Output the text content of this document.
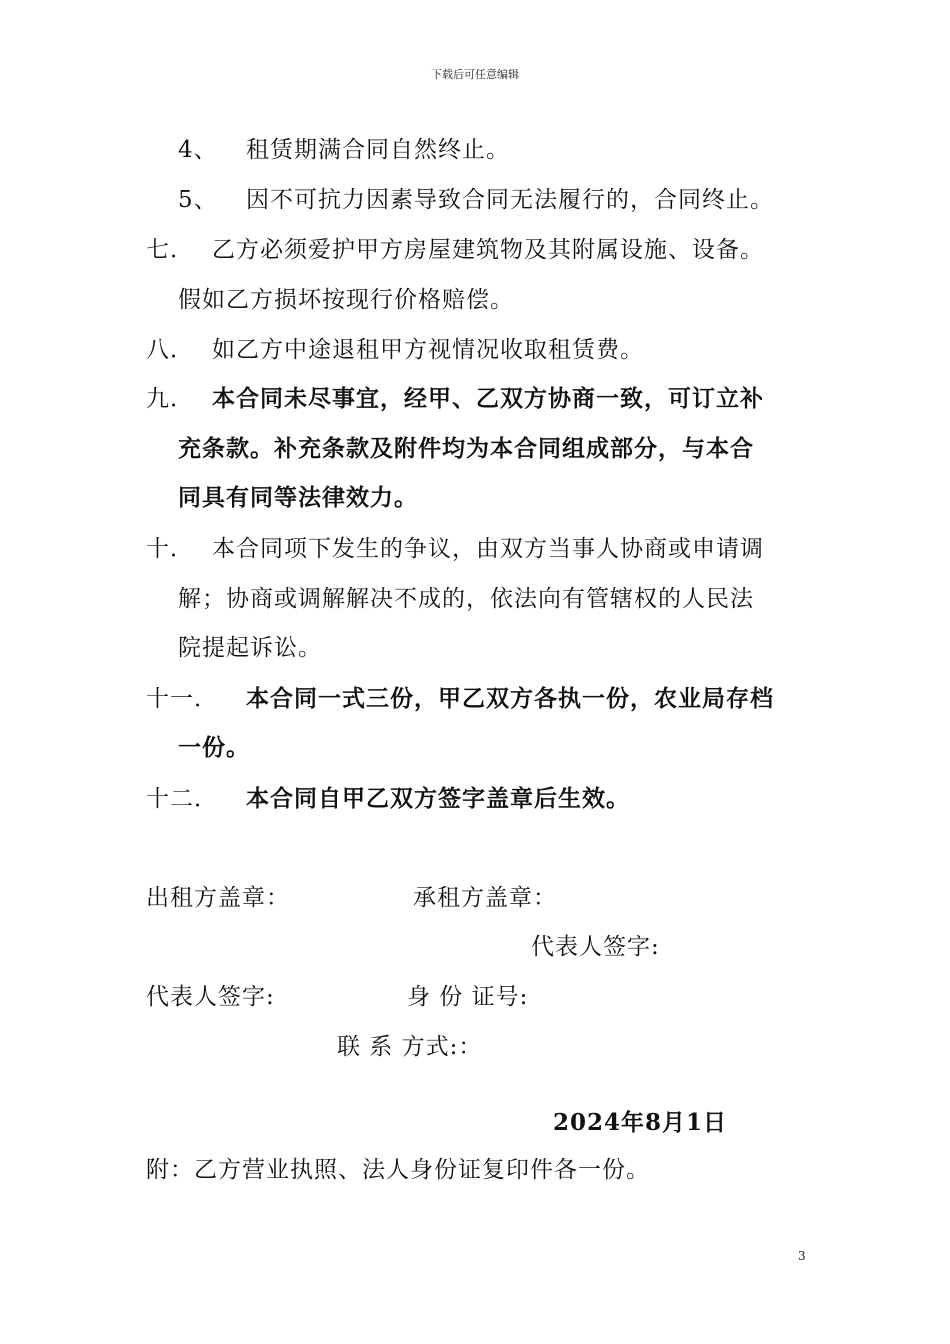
下载后可任意编辑
4、 租赁期满合同自然终止。
5、 因不可抗力因素导致合同无法履行的，合同终止。
七． 乙方必须爱护甲方房屋建筑物及其附属设施、设备。
假如乙方损坏按现行价格赔偿。
八． 如乙方中途退租甲方视情况收取租赁费。
九． 本合同未尽事宜，经甲、乙双方协商一致，可订立补
充条款。补充条款及附件均为本合同组成部分，与本合
同具有同等法律效力。
十． 本合同项下发生的争议，由双方当事人协商或申请调
解；协商或调解解决不成的，依法向有管辖权的人民法
院提起诉讼。
十一． 本合同一式三份，甲乙双方各执一份，农业局存档
一份。
十二． 本合同自甲乙双方签字盖章后生效。
出租方盖章：	承租方盖章：
代表人签字:
代表人签字:	身 份 证号:
联 系 方式:：
2024年8月1日
附：乙方营业执照、法人身份证复印件各一份。
3
